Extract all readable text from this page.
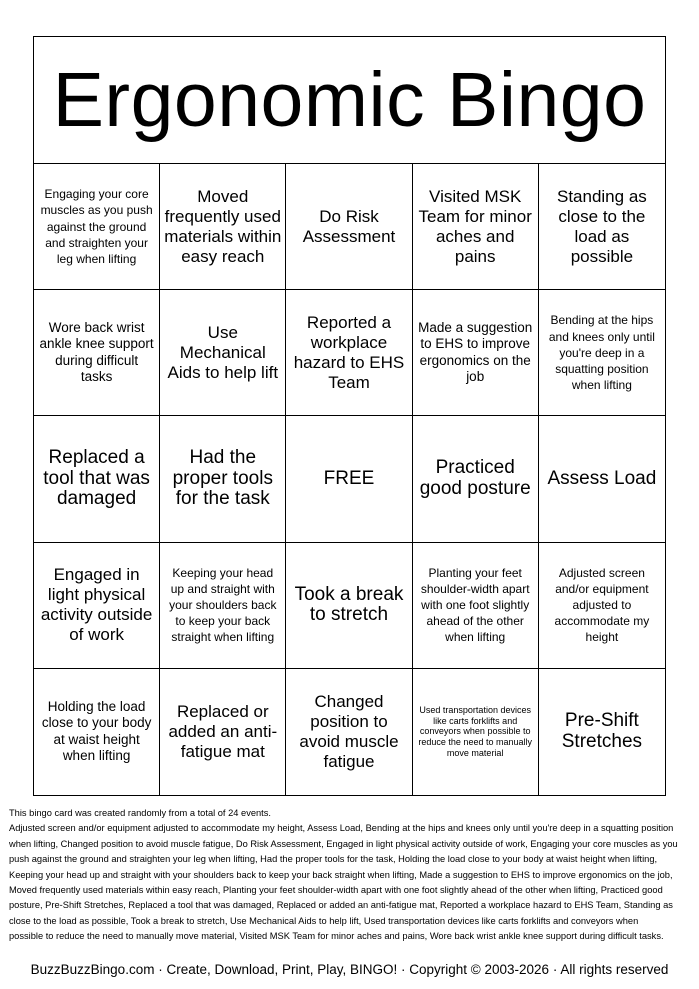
Ergonomic Bingo
Engaging your core muscles as you push against the ground and straighten your leg when lifting
Moved frequently used materials within easy reach
Do Risk Assessment
Visited MSK Team for minor aches and pains
Standing as close to the load as possible
Wore back wrist ankle knee support during difficult tasks
Use Mechanical Aids to help lift
Reported a workplace hazard to EHS Team
Made a suggestion to EHS to improve ergonomics on the job
Bending at the hips and knees only until you're deep in a squatting position when lifting
Replaced a tool that was damaged
Had the proper tools for the task
FREE	Practiced good posture Assess Load
Engaged in light physical activity outside of work
Keeping your head up and straight with your shoulders back to keep your back straight when lifting
Took a break to stretch
Planting your feet shoulder-width apart with one foot slightly ahead of the other when lifting
Adjusted screen and/or equipment adjusted to accommodate my height
Holding the load close to your body at waist height when lifting
Replaced or added an anti-fatigue mat
Changed position to avoid muscle fatigue
Used transportation devices like carts forklifts and conveyors when possible to reduce the need to manually move material
Pre-Shift Stretches
This bingo card was created randomly from a total of 24 events.
Adjusted screen and/or equipment adjusted to accommodate my height, Assess Load, Bending at the hips and knees only until you're deep in a squatting position
when lifting, Changed position to avoid muscle fatigue, Do Risk Assessment, Engaged in light physical activity outside of work, Engaging your core muscles as you
push against the ground and straighten your leg when lifting, Had the proper tools for the task, Holding the load close to your body at waist height when lifting,
Keeping your head up and straight with your shoulders back to keep your back straight when lifting, Made a suggestion to EHS to improve ergonomics on the job,
Moved frequently used materials within easy reach, Planting your feet shoulder-width apart with one foot slightly ahead of the other when lifting, Practiced good
posture, Pre-Shift Stretches, Replaced a tool that was damaged, Replaced or added an anti-fatigue mat, Reported a workplace hazard to EHS Team, Standing as
close to the load as possible, Took a break to stretch, Use Mechanical Aids to help lift, Used transportation devices like carts forklifts and conveyors when
possible to reduce the need to manually move material, Visited MSK Team for minor aches and pains, Wore back wrist ankle knee support during difficult tasks.
BuzzBuzzBingo.com · Create, Download, Print, Play, BINGO! · Copyright © 2003-2026 · All rights reserved
